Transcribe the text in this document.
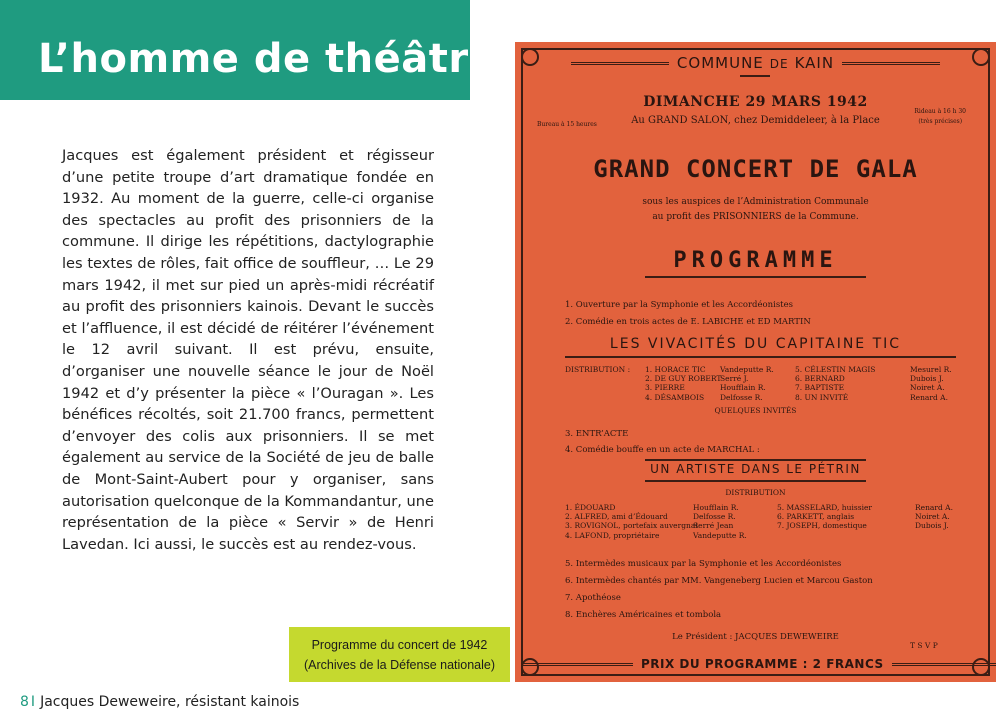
L’homme de théâtre
Jacques est également président et régisseur d’une petite troupe d’art dramatique fondée en 1932. Au moment de la guerre, celle-ci organise des spectacles au profit des prisonniers de la commune. Il dirige les répétitions, dactylographie les textes de rôles, fait office de souffleur, … Le 29 mars 1942, il met sur pied un après-midi récréatif au profit des prisonniers kainois. Devant le succès et l’affluence, il est décidé de réitérer l’événement le 12 avril suivant. Il est prévu, ensuite, d’organiser une nouvelle séance le jour de Noël 1942 et d’y présenter la pièce « l’Ouragan ». Les bénéfices récoltés, soit 21.700 francs, permettent d’envoyer des colis aux prisonniers. Il se met également au service de la Société de jeu de balle de Mont-Saint-Aubert pour y organiser, sans autorisation quelconque de la Kommandantur, une représentation de la pièce « Servir » de Henri Lavedan. Ici aussi, le succès est au rendez-vous.
COMMUNE DE KAIN
DIMANCHE 29 MARS 1942
Au GRAND SALON, chez Demiddeleer, à la Place
Bureau à 15 heures
Rideau à 16 h 30
(très précises)
GRAND CONCERT DE GALA
sous les auspices de l’Administration Communale
au profit des PRISONNIERS de la Commune.
PROGRAMME
1. Ouverture par la Symphonie et les Accordéonistes
2. Comédie en trois actes de E. LABICHE et ED MARTIN
LES VIVACITÉS DU CAPITAINE TIC
DISTRIBUTION : 1. HORACE TIC
2. DE GUY ROBERT
3. PIERRE
4. DÉSAMBOIS
Vandeputte R.
Serré J.
Houfflain R.
Delfosse R.
5. CÉLESTIN MAGIS
6. BERNARD
7. BAPTISTE
8. UN INVITÉ
Mesurel R.
Dubois J.
Noiret A.
Renard A.
QUELQUES INVITÉS
3. ENTR’ACTE
4. Comédie bouffe en un acte de MARCHAL :
UN ARTISTE DANS LE PÉTRIN
DISTRIBUTION
1. ÉDOUARD
2. ALFRED, ami d’Édouard
3. ROVIGNOL, portefaix auvergnat
4. LAFOND, propriétaire
Houfflain R.
Delfosse R.
Serré Jean
Vandeputte R.
5. MASSELARD, huissier
6. PARKETT, anglais
7. JOSEPH, domestique
Renard A.
Noiret A.
Dubois J.
5. Intermèdes musicaux par la Symphonie et les Accordéonistes
6. Intermèdes chantés par MM. Vangeneberg Lucien et Marcou Gaston
7. Apothéose
8. Enchères Américaines et tombola
Le Président : JACQUES DEWEWEIRE
T S V P
PRIX DU PROGRAMME : 2 FRANCS
Programme du concert de 1942
(Archives de la Défense nationale)
8 I Jacques Deweweire, résistant kainois
